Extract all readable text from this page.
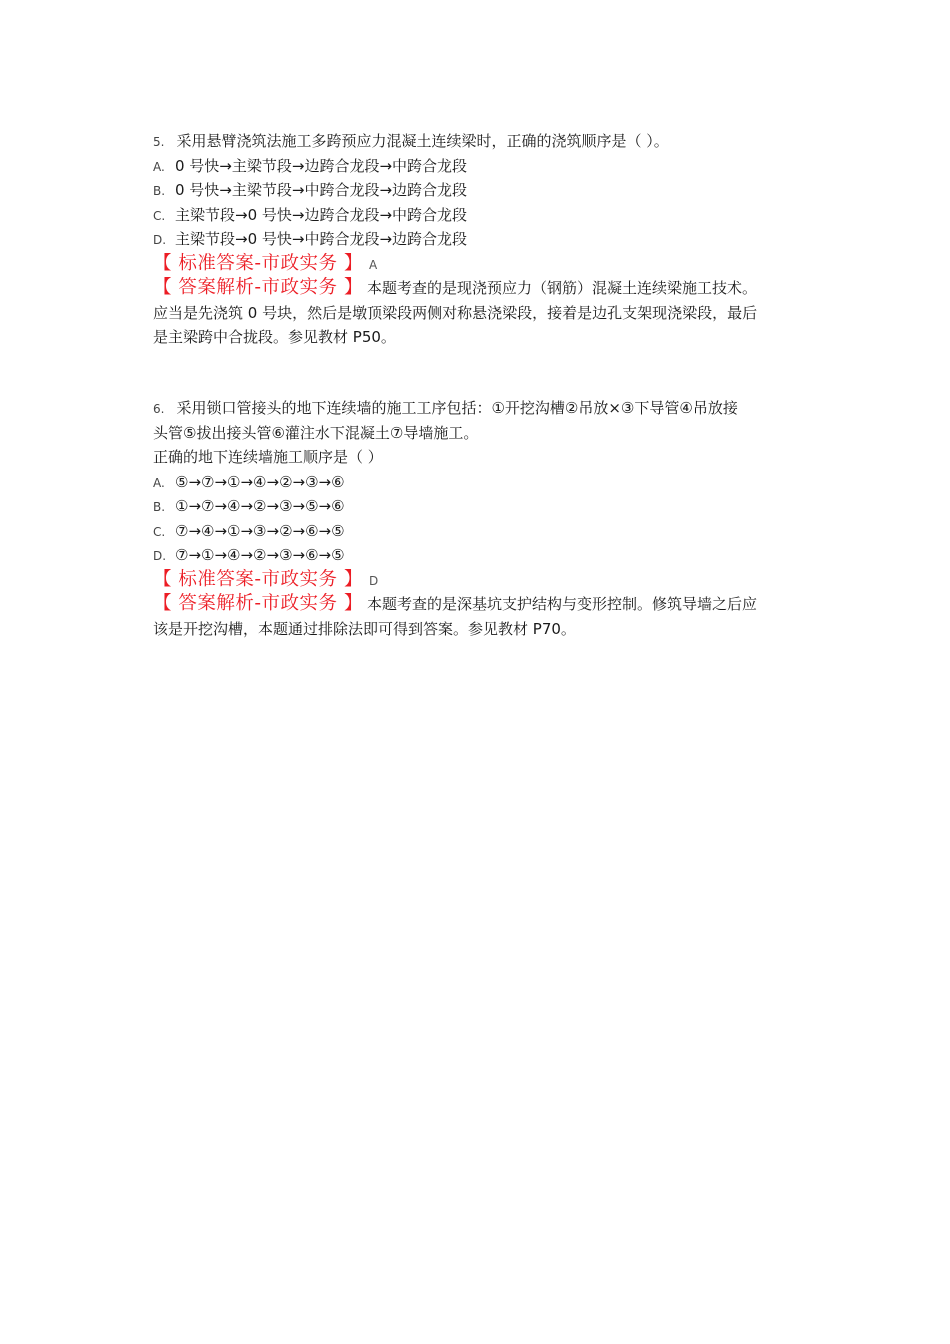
5. 采用悬臂浇筑法施工多跨预应力混凝土连续梁时，正确的浇筑顺序是（ ）。
A. 0 号快→主梁节段→边跨合龙段→中跨合龙段
B. 0 号快→主梁节段→中跨合龙段→边跨合龙段
C. 主梁节段→0 号快→边跨合龙段→中跨合龙段
D. 主梁节段→0 号快→中跨合龙段→边跨合龙段
【 标准答案-市政实务 】 A
【 答案解析-市政实务 】 本题考查的是现浇预应力（钢筋）混凝土连续梁施工技术。
应当是先浇筑 0 号块，然后是墩顶梁段两侧对称悬浇梁段，接着是边孔支架现浇梁段，最后
是主梁跨中合拢段。参见教材 P50。
6. 采用锁口管接头的地下连续墙的施工工序包括：①开挖沟槽②吊放×③下导管④吊放接
头管⑤拔出接头管⑥灌注水下混凝土⑦导墙施工。
正确的地下连续墙施工顺序是（ ）
A. ⑤→⑦→①→④→②→③→⑥
B. ①→⑦→④→②→③→⑤→⑥
C. ⑦→④→①→③→②→⑥→⑤
D. ⑦→①→④→②→③→⑥→⑤
【 标准答案-市政实务 】 D
【 答案解析-市政实务 】 本题考查的是深基坑支护结构与变形控制。修筑导墙之后应
该是开挖沟槽，本题通过排除法即可得到答案。参见教材 P70。
